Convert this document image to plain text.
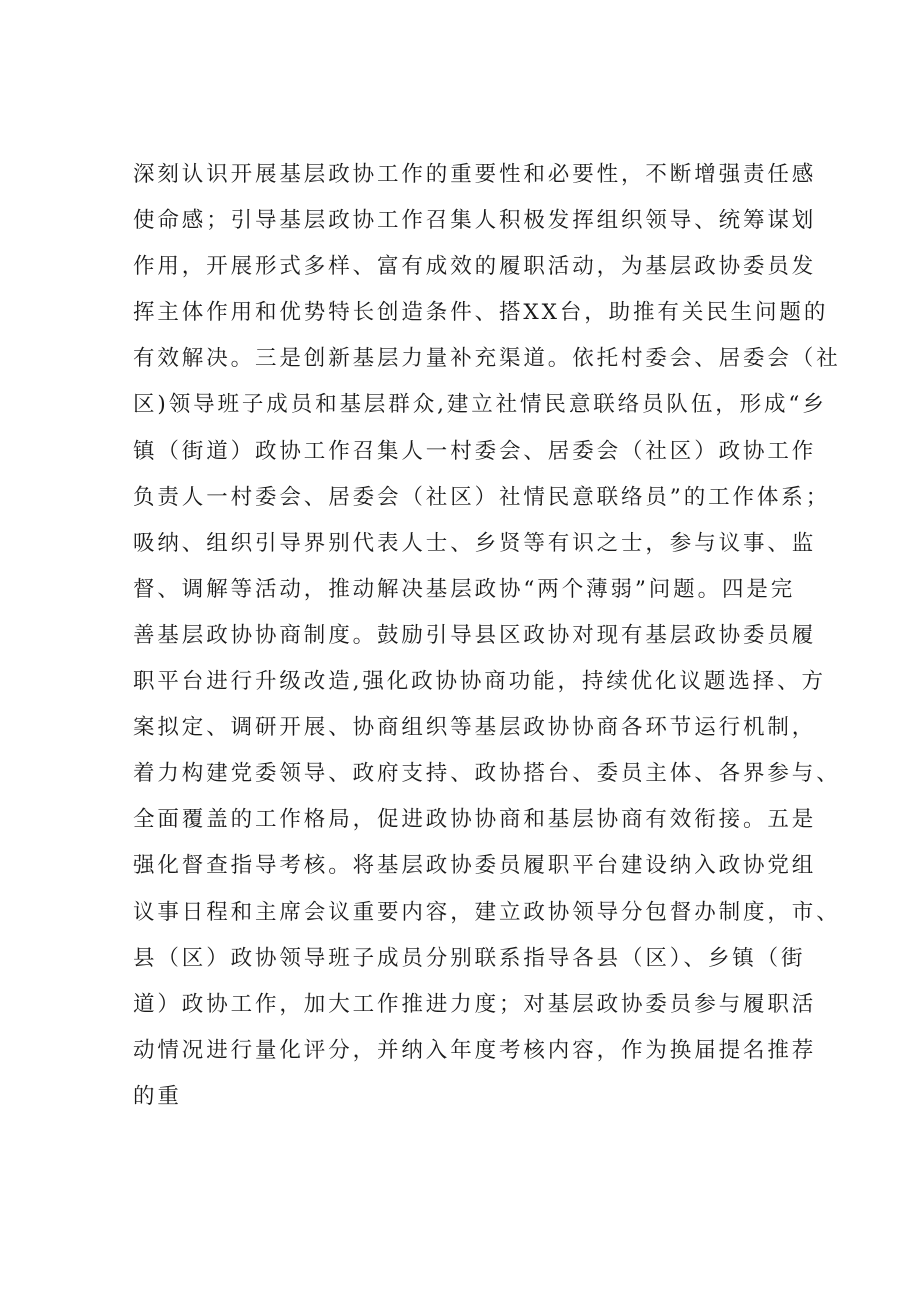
深刻认识开展基层政协工作的重要性和必要性，不断增强责任感
使命感；引导基层政协工作召集人积极发挥组织领导、统筹谋划
作用，开展形式多样、富有成效的履职活动，为基层政协委员发
挥主体作用和优势特长创造条件、搭XX台，助推有关民生问题的
有效解决。三是创新基层力量补充渠道。依托村委会、居委会（社
区)领导班子成员和基层群众,建立社情民意联络员队伍，形成“乡
镇（街道）政协工作召集人一村委会、居委会（社区）政协工作
负责人一村委会、居委会（社区）社情民意联络员”的工作体系；
吸纳、组织引导界别代表人士、乡贤等有识之士，参与议事、监
督、调解等活动，推动解决基层政协“两个薄弱”问题。四是完
善基层政协协商制度。鼓励引导县区政协对现有基层政协委员履
职平台进行升级改造,强化政协协商功能，持续优化议题选择、方
案拟定、调研开展、协商组织等基层政协协商各环节运行机制，
着力构建党委领导、政府支持、政协搭台、委员主体、各界参与、
全面覆盖的工作格局，促进政协协商和基层协商有效衔接。五是
强化督查指导考核。将基层政协委员履职平台建设纳入政协党组
议事日程和主席会议重要内容，建立政协领导分包督办制度，市、
县（区）政协领导班子成员分别联系指导各县（区）、乡镇（街
道）政协工作，加大工作推进力度；对基层政协委员参与履职活
动情况进行量化评分，并纳入年度考核内容，作为换届提名推荐
的重
